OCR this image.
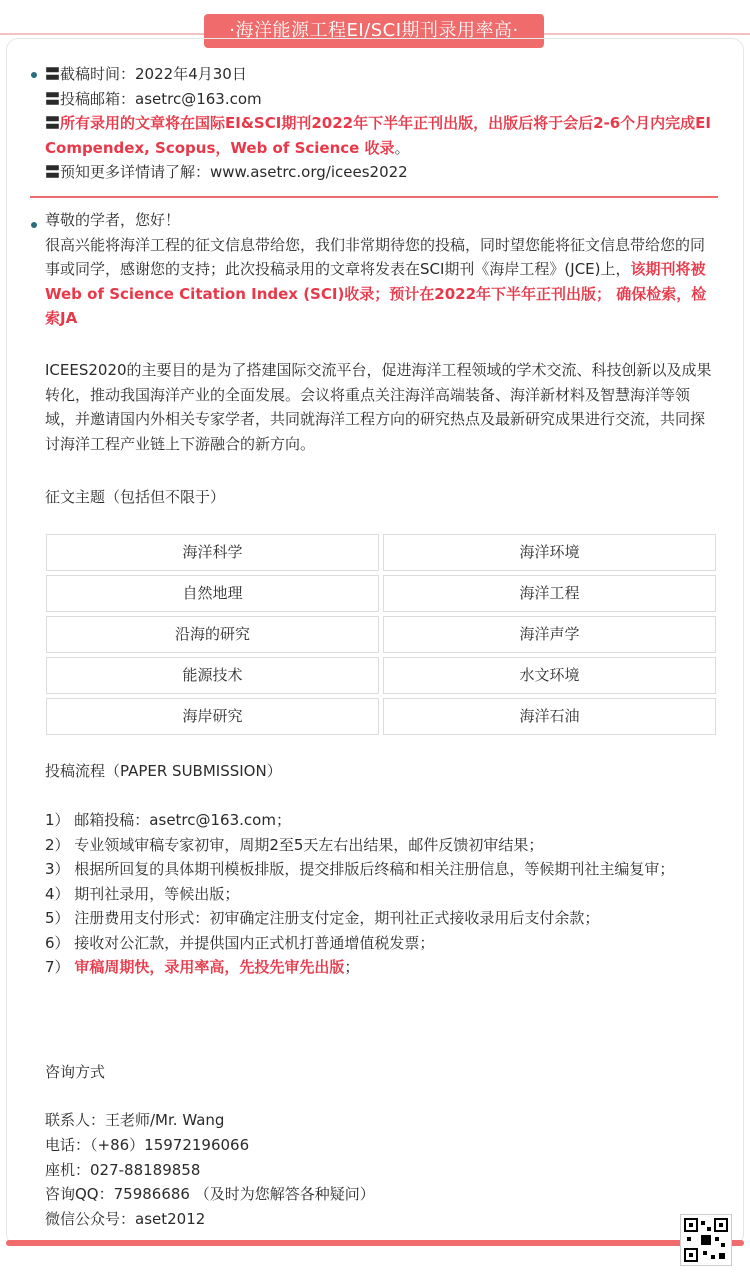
·海洋能源工程EI/SCI期刊录用率高·
〓截稿时间：2022年4月30日
〓投稿邮箱：asetrc@163.com
〓所有录用的文章将在国际EI&SCI期刊2022年下半年正刊出版，出版后将于会后2-6个月内完成EI Compendex, Scopus，Web of Science 收录。
〓预知更多详情请了解：www.asetrc.org/icees2022
尊敬的学者，您好！
很高兴能将海洋工程的征文信息带给您，我们非常期待您的投稿，同时望您能将征文信息带给您的同事或同学，感谢您的支持；此次投稿录用的文章将发表在SCI期刊《海岸工程》(JCE)上，该期刊将被Web of Science Citation Index (SCI)收录；预计在2022年下半年正刊出版； 确保检索，检索JA
ICEES2020的主要目的是为了搭建国际交流平台，促进海洋工程领域的学术交流、科技创新以及成果转化，推动我国海洋产业的全面发展。会议将重点关注海洋高端装备、海洋新材料及智慧海洋等领域，并邀请国内外相关专家学者，共同就海洋工程方向的研究热点及最新研究成果进行交流，共同探讨海洋工程产业链上下游融合的新方向。
征文主题（包括但不限于）
海洋科学	海洋环境
自然地理	海洋工程
沿海的研究	海洋声学
能源技术	水文环境
海岸研究	海洋石油
投稿流程（PAPER SUBMISSION）
1） 邮箱投稿：asetrc@163.com；
2） 专业领域审稿专家初审，周期2至5天左右出结果，邮件反馈初审结果；
3） 根据所回复的具体期刊模板排版，提交排版后终稿和相关注册信息，等候期刊社主编复审；
4） 期刊社录用，等候出版；
5） 注册费用支付形式：初审确定注册支付定金，期刊社正式接收录用后支付余款；
6） 接收对公汇款，并提供国内正式机打普通增值税发票；
7） 审稿周期快，录用率高，先投先审先出版；
咨询方式
联系人：王老师/Mr. Wang
电话：（+86）15972196066
座机：027-88189858
咨询QQ：75986686 （及时为您解答各种疑问）
微信公众号：aset2012
